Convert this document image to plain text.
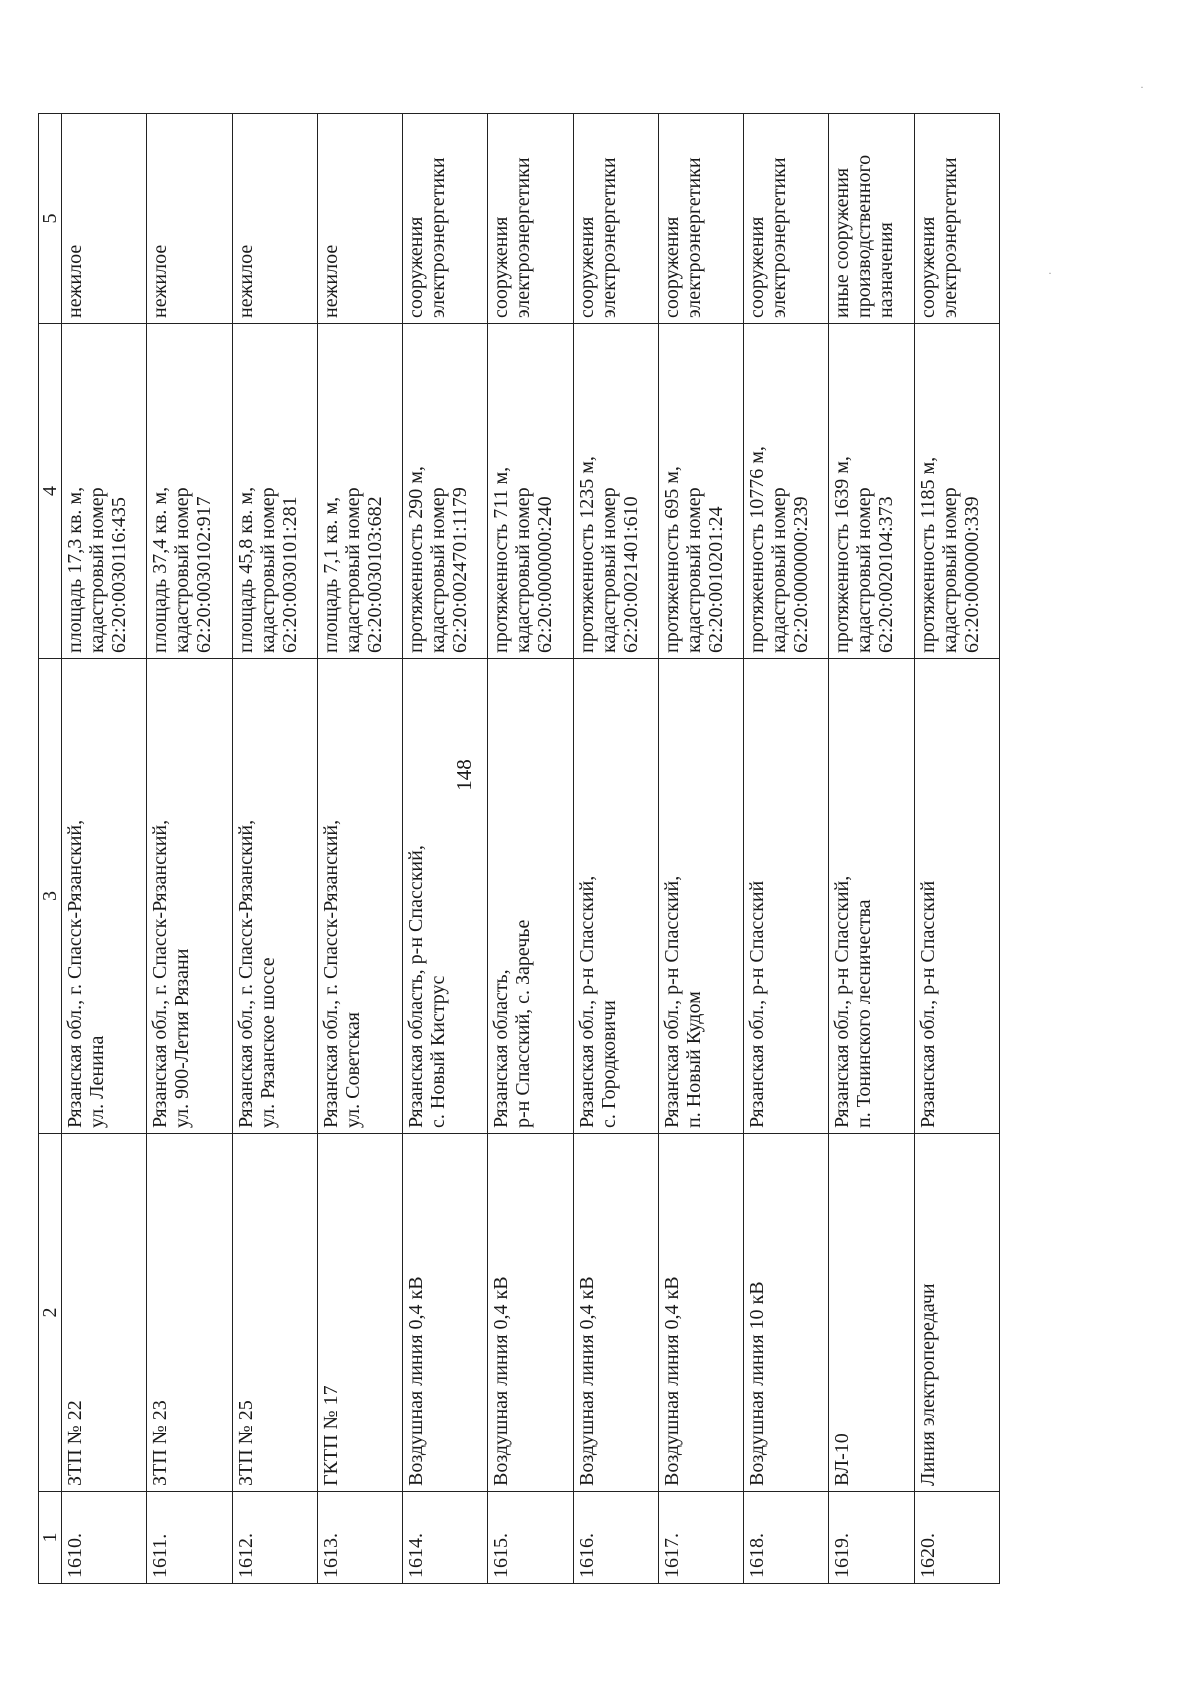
148
1	2	3	4	5
1610.	ЗТП № 22	Рязанская обл., г. Спасск-Рязанский, ул. Ленина	площадь 17,3 кв. м, кадастровый номер 62:20:0030116:435	нежилое

1611.	ЗТП № 23	Рязанская обл., г. Спасск-Рязанский, ул. 900-Летия Рязани	площадь 37,4 кв. м, кадастровый номер 62:20:0030102:917	нежилое

1612.	ЗТП № 25	Рязанская обл., г. Спасск-Рязанский, ул. Рязанское шоссе	площадь 45,8 кв. м, кадастровый номер 62:20:0030101:281	нежилое

1613.	ГКТП № 17	Рязанская обл., г. Спасск-Рязанский, ул. Советская	площадь 7,1 кв. м, кадастровый номер 62:20:0030103:682	нежилое

1614.	Воздушная линия 0,4 кВ	Рязанская область, р-н Спасский, с. Новый Киструс	протяженность 290 м, кадастровый номер 62:20:0024701:1179	сооружения электроэнергетики

1615.	Воздушная линия 0,4 кВ	Рязанская область, р-н Спасский, с. Заречье	протяженность 711 м, кадастровый номер 62:20:0000000:240	сооружения электроэнергетики

1616.	Воздушная линия 0,4 кВ	Рязанская обл., р-н Спасский, с. Городковичи	протяженность 1235 м, кадастровый номер 62:20:0021401:610	сооружения электроэнергетики

1617.	Воздушная линия 0,4 кВ	Рязанская обл., р-н Спасский, п. Новый Кудом	протяженность 695 м, кадастровый номер 62:20:0010201:24	сооружения электроэнергетики

1618.	Воздушная линия 10 кВ	Рязанская обл., р-н Спасский	протяженность 10776 м, кадастровый номер 62:20:0000000:239	сооружения электроэнергетики

1619.	ВЛ-10	Рязанская обл., р-н Спасский, п. Тонинского лесничества	протяженность 1639 м, кадастровый номер 62:20:0020104:373	иные сооружения производственного назначения

1620.	Линия электропередачи	Рязанская обл., р-н Спасский	протяженность 1185 м, кадастровый номер 62:20:0000000:339	сооружения электроэнергетики
·
·
